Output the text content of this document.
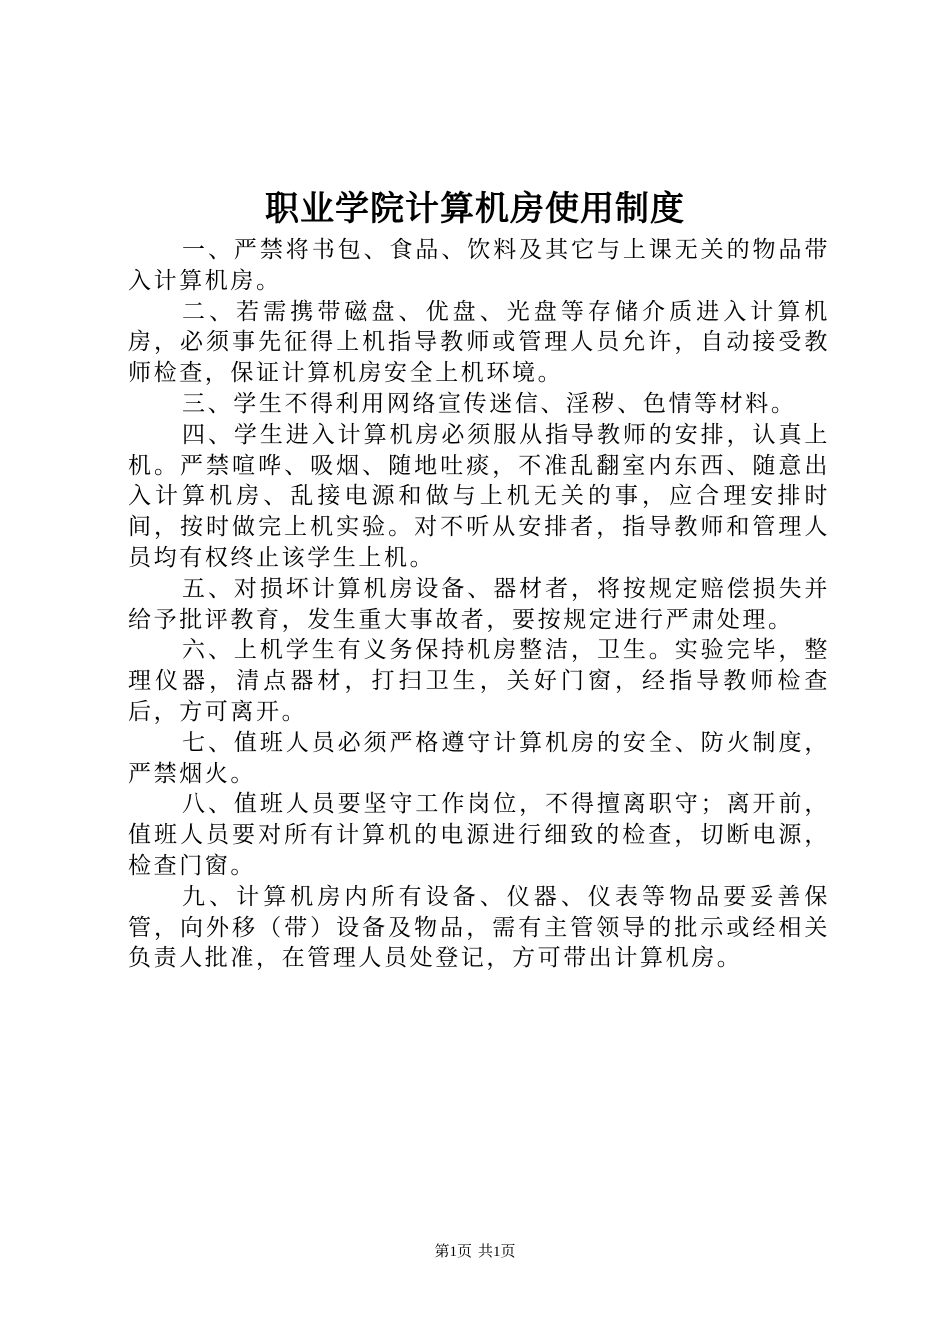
职业学院计算机房使用制度

一、严禁将书包、食品、饮料及其它与上课无关的物品带入计算机房。

二、若需携带磁盘、优盘、光盘等存储介质进入计算机房，必须事先征得上机指导教师或管理人员允许，自动接受教师检查，保证计算机房安全上机环境。

三、学生不得利用网络宣传迷信、淫秽、色情等材料。

四、学生进入计算机房必须服从指导教师的安排，认真上机。严禁喧哗、吸烟、随地吐痰，不准乱翻室内东西、随意出入计算机房、乱接电源和做与上机无关的事，应合理安排时间，按时做完上机实验。对不听从安排者，指导教师和管理人员均有权终止该学生上机。

五、对损坏计算机房设备、器材者，将按规定赔偿损失并给予批评教育，发生重大事故者，要按规定进行严肃处理。

六、上机学生有义务保持机房整洁，卫生。实验完毕，整理仪器，清点器材，打扫卫生，关好门窗，经指导教师检查后，方可离开。

七、值班人员必须严格遵守计算机房的安全、防火制度，严禁烟火。

八、值班人员要坚守工作岗位，不得擅离职守；离开前，值班人员要对所有计算机的电源进行细致的检查，切断电源，检查门窗。

九、计算机房内所有设备、仪器、仪表等物品要妥善保管，向外移（带）设备及物品，需有主管领导的批示或经相关负责人批准，在管理人员处登记，方可带出计算机房。

第1页 共1页
